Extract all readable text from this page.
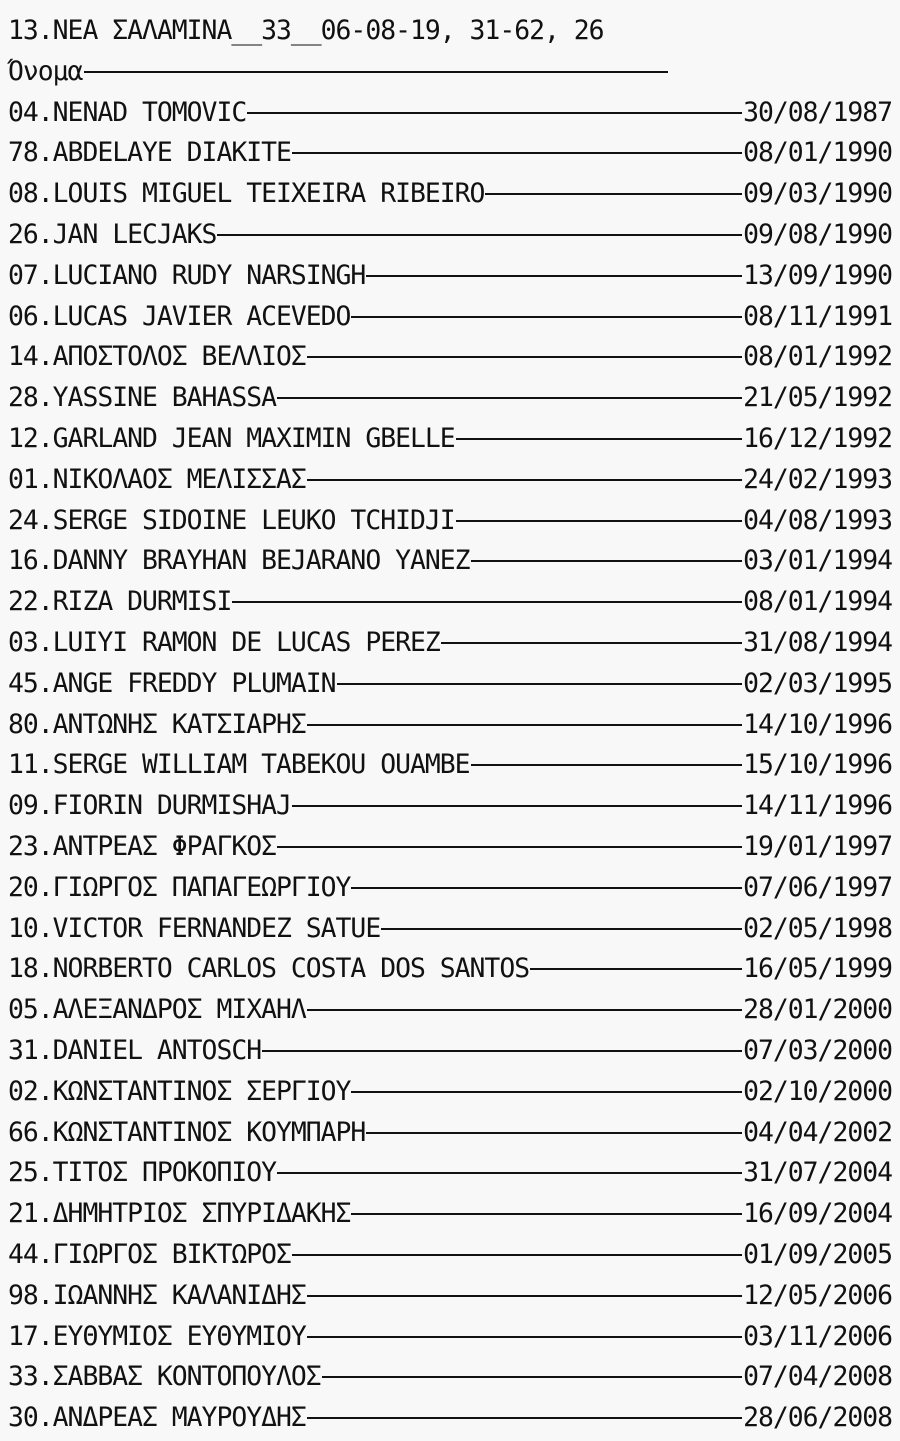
13.ΝΕΑ ΣΑΛΑΜΙΝΑ__33__06-08-19, 31-62, 26
Όνομα
04.NENAD TOMOVIC	30/08/1987
78.ABDELAYE DIAKITE	08/01/1990
08.LOUIS MIGUEL TEIXEIRA RIBEIRO	09/03/1990
26.JAN LECJAKS	09/08/1990
07.LUCIANO RUDY NARSINGH	13/09/1990
06.LUCAS JAVIER ACEVEDO	08/11/1991
14.ΑΠΟΣΤΟΛΟΣ ΒΕΛΛΙΟΣ	08/01/1992
28.YASSINE BAHASSA	21/05/1992
12.GARLAND JEAN MAXIMIN GBELLE	16/12/1992
01.ΝΙΚΟΛΑΟΣ ΜΕΛΙΣΣΑΣ	24/02/1993
24.SERGE SIDOINE LEUKO TCHIDJI	04/08/1993
16.DANNY BRAYHAN BEJARANO YANEZ	03/01/1994
22.RIZA DURMISI	08/01/1994
03.LUIYI RAMON DE LUCAS PEREZ	31/08/1994
45.ANGE FREDDY PLUMAIN	02/03/1995
80.ΑΝΤΩΝΗΣ ΚΑΤΣΙΑΡΗΣ	14/10/1996
11.SERGE WILLIAM TABEKOU OUAMBE	15/10/1996
09.FIORIN DURMISHAJ	14/11/1996
23.ΑΝΤΡΕΑΣ ΦΡΑΓΚΟΣ	19/01/1997
20.ΓΙΩΡΓΟΣ ΠΑΠΑΓΕΩΡΓΙΟΥ	07/06/1997
10.VICTOR FERNANDEZ SATUE	02/05/1998
18.NORBERTO CARLOS COSTA DOS SANTOS	16/05/1999
05.ΑΛΕΞΑΝΔΡΟΣ ΜΙΧΑΗΛ	28/01/2000
31.DANIEL ANTOSCH	07/03/2000
02.ΚΩΝΣΤΑΝΤΙΝΟΣ ΣΕΡΓΙΟΥ	02/10/2000
66.ΚΩΝΣΤΑΝΤΙΝΟΣ ΚΟΥΜΠΑΡΗ	04/04/2002
25.ΤΙΤΟΣ ΠΡΟΚΟΠΙΟΥ	31/07/2004
21.ΔΗΜΗΤΡΙΟΣ ΣΠΥΡΙΔΑΚΗΣ	16/09/2004
44.ΓΙΩΡΓΟΣ ΒΙΚΤΩΡΟΣ	01/09/2005
98.ΙΩΑΝΝΗΣ ΚΑΛΑΝΙΔΗΣ	12/05/2006
17.ΕΥΘΥΜΙΟΣ ΕΥΘΥΜΙΟΥ	03/11/2006
33.ΣΑΒΒΑΣ ΚΟΝΤΟΠΟΥΛΟΣ	07/04/2008
30.ΑΝΔΡΕΑΣ ΜΑΥΡΟΥΔΗΣ	28/06/2008
